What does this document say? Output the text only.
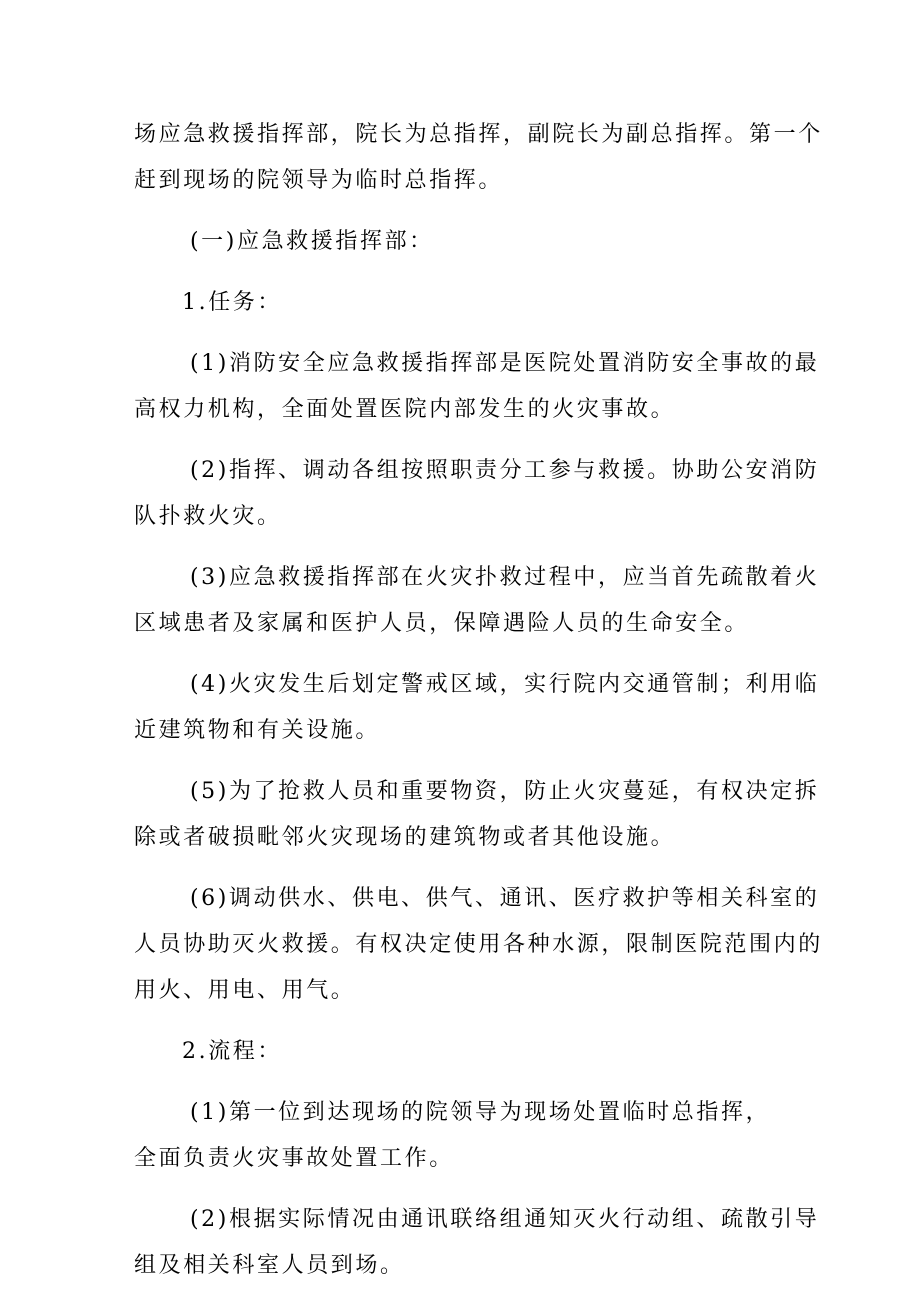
场应急救援指挥部，院长为总指挥，副院长为副总指挥。第一个
赶到现场的院领导为临时总指挥。
(一)应急救援指挥部：
1.任务：
(1)消防安全应急救援指挥部是医院处置消防安全事故的最
高权力机构，全面处置医院内部发生的火灾事故。
(2)指挥、调动各组按照职责分工参与救援。协助公安消防
队扑救火灾。
(3)应急救援指挥部在火灾扑救过程中，应当首先疏散着火
区域患者及家属和医护人员，保障遇险人员的生命安全。
(4)火灾发生后划定警戒区域，实行院内交通管制；利用临
近建筑物和有关设施。
(5)为了抢救人员和重要物资，防止火灾蔓延，有权决定拆
除或者破损毗邻火灾现场的建筑物或者其他设施。
(6)调动供水、供电、供气、通讯、医疗救护等相关科室的
人员协助灭火救援。有权决定使用各种水源，限制医院范围内的
用火、用电、用气。
2.流程：
(1)第一位到达现场的院领导为现场处置临时总指挥，
全面负责火灾事故处置工作。
(2)根据实际情况由通讯联络组通知灭火行动组、疏散引导
组及相关科室人员到场。
